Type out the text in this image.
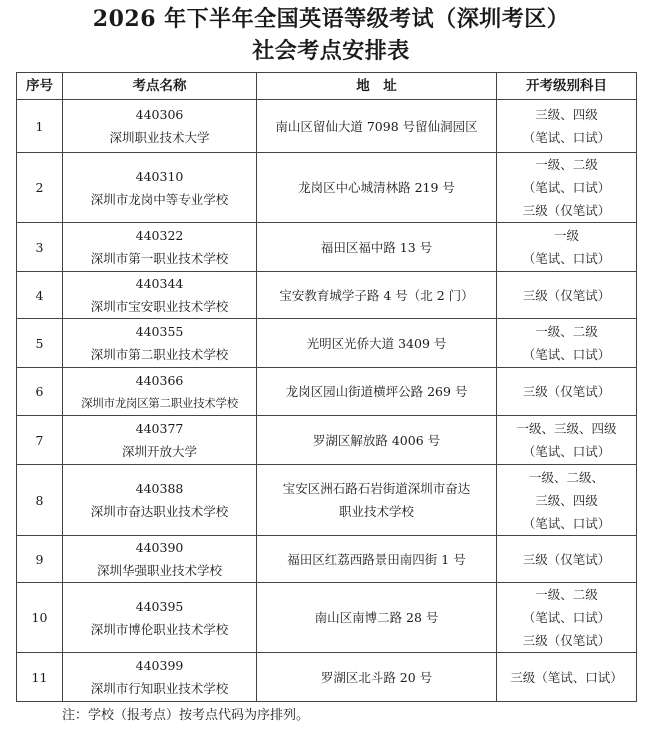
2026 年下半年全国英语等级考试（深圳考区）
社会考点安排表
序号	考点名称	地　址	开考级别科目
1	440306
深圳职业技术大学	南山区留仙大道 7098 号留仙洞园区	三级、四级
（笔试、口试）

2	440310
深圳市龙岗中等专业学校	龙岗区中心城清林路 219 号	一级、二级
（笔试、口试）
三级（仅笔试）

3	440322
深圳市第一职业技术学校	福田区福中路 13 号	一级
（笔试、口试）

4	440344
深圳市宝安职业技术学校	宝安教育城学子路 4 号（北 2 门）	三级（仅笔试）

5	440355
深圳市第二职业技术学校	光明区光侨大道 3409 号	一级、二级
（笔试、口试）

6	440366
深圳市龙岗区第二职业技术学校	龙岗区园山街道横坪公路 269 号	三级（仅笔试）

7	440377
深圳开放大学	罗湖区解放路 4006 号	一级、三级、四级
（笔试、口试）

8	440388
深圳市奋达职业技术学校	宝安区洲石路石岩街道深圳市奋达
职业技术学校	一级、二级、
三级、四级
（笔试、口试）

9	440390
深圳华强职业技术学校	福田区红荔西路景田南四街 1 号	三级（仅笔试）

10	440395
深圳市博伦职业技术学校	南山区南博二路 28 号	一级、二级
（笔试、口试）
三级（仅笔试）

11	440399
深圳市行知职业技术学校	罗湖区北斗路 20 号	三级（笔试、口试）
注：学校（报考点）按考点代码为序排列。
